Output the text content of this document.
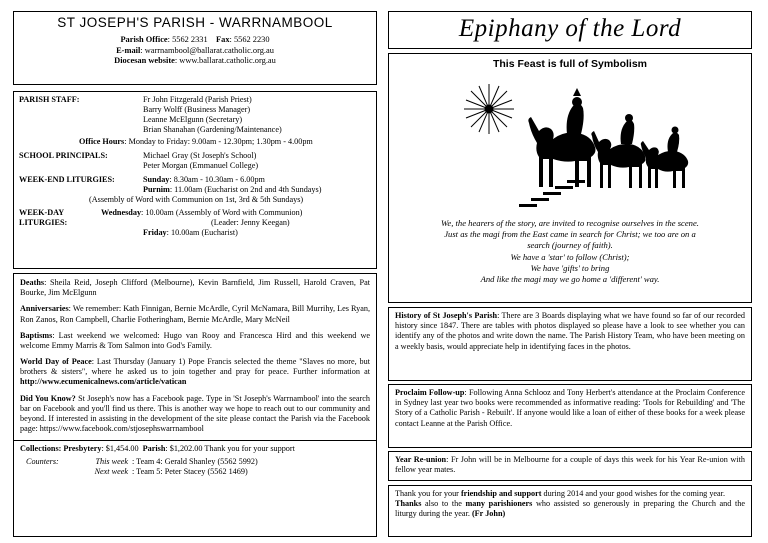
ST JOSEPH'S PARISH - WARRNAMBOOL
Parish Office: 5562 2331 Fax: 5562 2230
E-mail: warrnambool@ballarat.catholic.org.au
Diocesan website: www.ballarat.catholic.org.au
PARISH STAFF:	Fr John Fitzgerald (Parish Priest)
Barry Wolff (Business Manager)
Leanne McElgunn (Secretary)
Brian Shanahan (Gardening/Maintenance)
Office Hours : Monday to Friday: 9.00am - 12.30pm; 1.30pm - 4.00pm
SCHOOL PRINCIPALS:	Michael Gray (St Joseph's School)
Peter Morgan (Emmanuel College)
WEEK-END LITURGIES:	Sunday: 8.30am - 10.30am - 6.00pm
Purnim: 11.00am (Eucharist on 2nd and 4th Sundays)
(Assembly of Word with Communion on 1st, 3rd & 5th Sundays)
WEEK-DAY LITURGIES:
Wednesday: 10.00am (Assembly of Word with Communion)
(Leader: Jenny Keegan)
Friday : 10.00am (Eucharist)

Deaths: Sheila Reid, Joseph Clifford (Melbourne), Kevin Barnfield, Jim Russell, Harold Craven, Pat Bourke, Jim McElgunn

Anniversaries: We remember: Kath Finnigan, Bernie McArdle, Cyril McNamara, Bill Murrihy, Les Ryan, Ron Zanos, Ron Campbell, Charlie Fotheringham, Bernie McArdle, Mary McNeil

Baptisms: Last weekend we welcomed: Hugo van Rooy and Francesca Hird and this weekend we welcome Emmy Marris & Tom Salmon into God's Family.

World Day of Peace: Last Thursday (January 1) Pope Francis selected the theme "Slaves no more, but brothers & sisters", where he asked us to join together and pray for peace. Further information at http://www.ecumenicalnews.com/article/vatican

Did You Know? St Joseph's now has a Facebook page. Type in 'St Joseph's Warrnambool' into the search bar on Facebook and you'll find us there. This is another way we hope to reach out to our community and beyond. If interested in assisting in the development of the site please contact the Parish via the Facebook page: https://www.facebook.com/stjosephswarrnambool

Collections: Presbytery: $1,454.00 Parish: $1,202.00 Thank you for your support
Counters:	This week : Team 4: Gerald Shanley (5562 5992)
Next week : Team 5: Peter Stacey (5562 1469)
Epiphany of the Lord
This Feast is full of Symbolism
We, the hearers of the story, are invited to recognise ourselves in the scene.
Just as the magi from the East came in search for Christ; we too are on a
search (journey of faith).
We have a 'star' to follow (Christ);
We have 'gifts' to bring
And like the magi may we go home a 'different' way.

History of St Joseph's Parish: There are 3 Boards displaying what we have found so far of our recorded history since 1847. There are tables with photos displayed so please have a look to see whether you can identify any of the photos and write down the name. The Parish History Team, who have been meeting on a weekly basis, would appreciate help in identifying faces in the photos.

Proclaim Follow-up: Following Anna Schlooz and Tony Herbert's attendance at the Proclaim Conference in Sydney last year two books were recommended as informative reading: 'Tools for Rebuilding' and 'The Story of a Catholic Parish - Rebuilt'. If anyone would like a loan of either of these books for a week please contact Leanne at the Parish Office.

Year Re-union: Fr John will be in Melbourne for a couple of days this week for his Year Re-union with fellow year mates.

Thank you for your friendship and support during 2014 and your good wishes for the coming year.

Thanks also to the many parishioners who assisted so generously in preparing the Church and the liturgy during the year. (Fr John)
